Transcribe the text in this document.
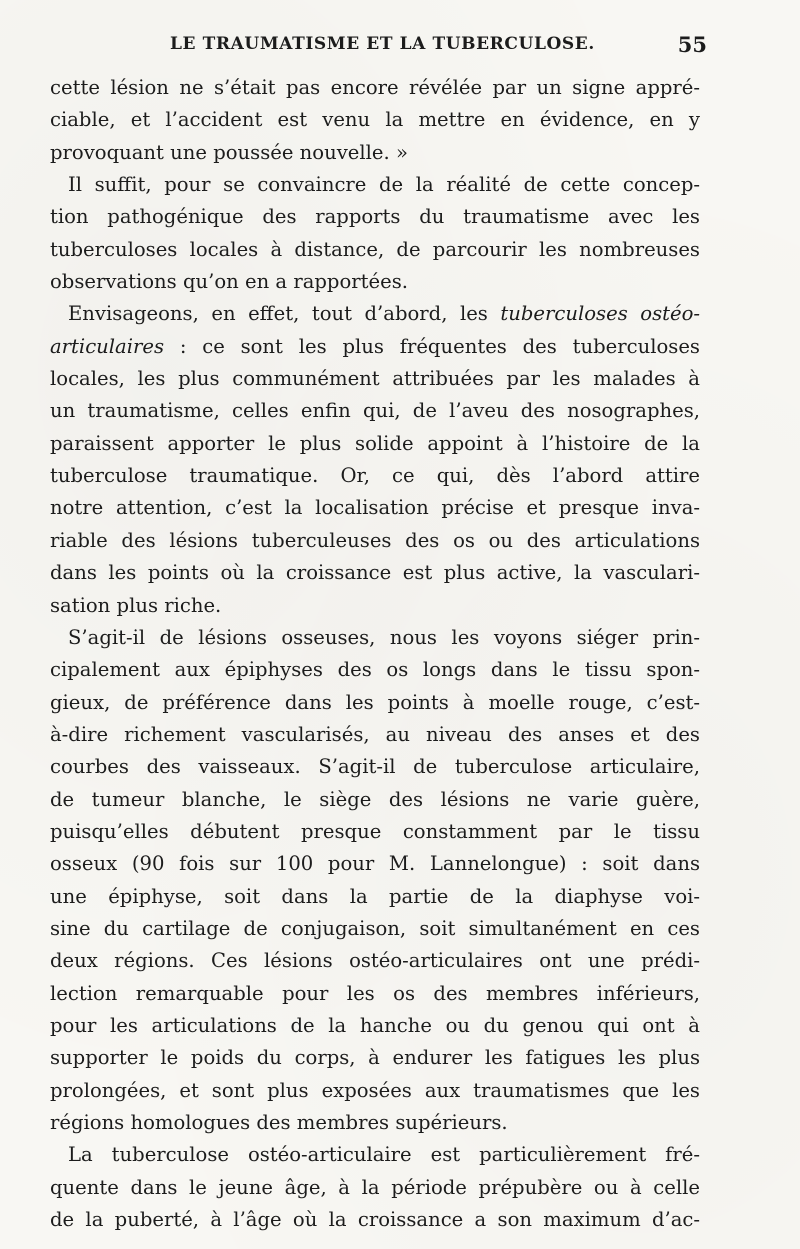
LE TRAUMATISME ET LA TUBERCULOSE.	55
cette lésion ne s’était pas encore révélée par un signe appré-
ciable, et l’accident est venu la mettre en évidence, en y
provoquant une poussée nouvelle. »
Il suffit, pour se convaincre de la réalité de cette concep-
tion pathogénique des rapports du traumatisme avec les
tuberculoses locales à distance, de parcourir les nombreuses
observations qu’on en a rapportées.
Envisageons, en effet, tout d’abord, les tuberculoses ostéo-
articulaires : ce sont les plus fréquentes des tuberculoses
locales, les plus communément attribuées par les malades à
un traumatisme, celles enfin qui, de l’aveu des nosographes,
paraissent apporter le plus solide appoint à l’histoire de la
tuberculose traumatique. Or, ce qui, dès l’abord attire
notre attention, c’est la localisation précise et presque inva-
riable des lésions tuberculeuses des os ou des articulations
dans les points où la croissance est plus active, la vasculari-
sation plus riche.
S’agit-il de lésions osseuses, nous les voyons siéger prin-
cipalement aux épiphyses des os longs dans le tissu spon-
gieux, de préférence dans les points à moelle rouge, c’est-
à-dire richement vascularisés, au niveau des anses et des
courbes des vaisseaux. S’agit-il de tuberculose articulaire,
de tumeur blanche, le siège des lésions ne varie guère,
puisqu’elles débutent presque constamment par le tissu
osseux (90 fois sur 100 pour M. Lannelongue) : soit dans
une épiphyse, soit dans la partie de la diaphyse voi-
sine du cartilage de conjugaison, soit simultanément en ces
deux régions. Ces lésions ostéo-articulaires ont une prédi-
lection remarquable pour les os des membres inférieurs,
pour les articulations de la hanche ou du genou qui ont à
supporter le poids du corps, à endurer les fatigues les plus
prolongées, et sont plus exposées aux traumatismes que les
régions homologues des membres supérieurs.
La tuberculose ostéo-articulaire est particulièrement fré-
quente dans le jeune âge, à la période prépubère ou à celle
de la puberté, à l’âge où la croissance a son maximum d’ac-
